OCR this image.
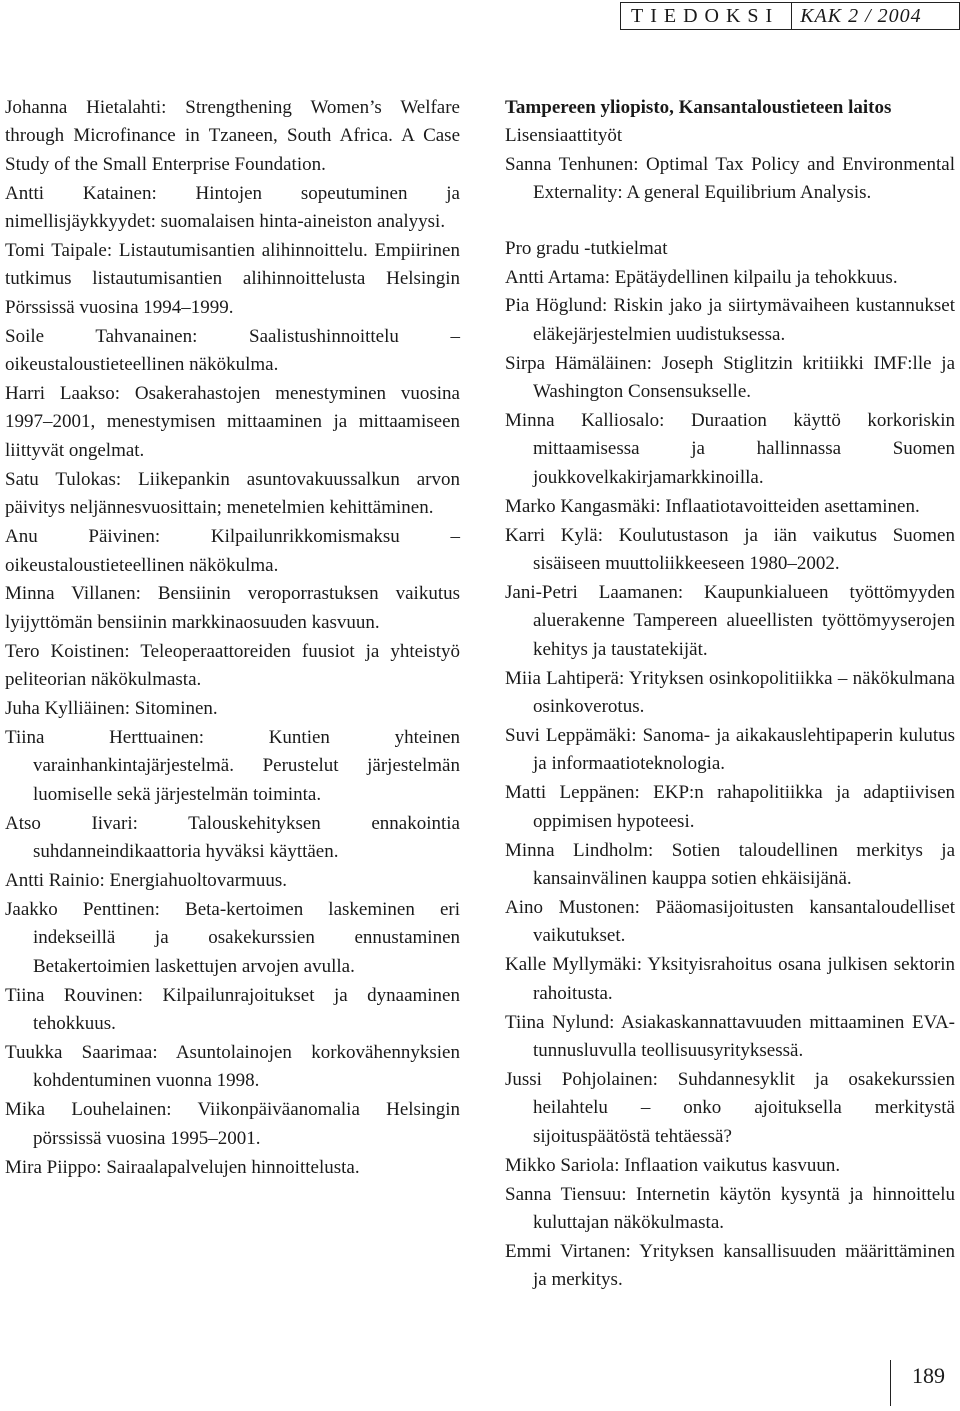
TIEDOKSI KAK 2 / 2004

Johanna Hietalahti: Strengthening Women’s Welfare through Microfinance in Tzaneen, South Africa. A Case Study of the Small Enterprise Foundation.

Antti Katainen: Hintojen sopeutuminen ja nimellisjäykkyydet: suomalaisen hinta-aineiston analyysi.

Tomi Taipale: Listautumisantien alihinnoittelu. Empiirinen tutkimus listautumisantien alihinnoittelusta Helsingin Pörssissä vuosina 1994–1999.

Soile Tahvanainen: Saalistushinnoittelu – oikeustaloustieteellinen näkökulma.

Harri Laakso: Osakerahastojen menestyminen vuosina 1997–2001, menestymisen mittaaminen ja mittaamiseen liittyvät ongelmat.

Satu Tulokas: Liikepankin asuntovakuussalkun arvon päivitys neljännesvuosittain; menetelmien kehittäminen.

Anu Päivinen: Kilpailunrikkomismaksu – oikeustaloustieteellinen näkökulma.

Minna Villanen: Bensiinin veroporrastuksen vaikutus lyijyttömän bensiinin markkinaosuuden kasvuun.

Tero Koistinen: Teleoperaattoreiden fuusiot ja yhteistyö peliteorian näkökulmasta.

Juha Kylliäinen: Sitominen.

Tiina Herttuainen: Kuntien yhteinen varainhankintajärjestelmä. Perustelut järjestelmän luomiselle sekä järjestelmän toiminta.

Atso Iivari: Talouskehityksen ennakointia suhdanneindikaattoria hyväksi käyttäen.

Antti Rainio: Energiahuoltovarmuus.

Jaakko Penttinen: Beta-kertoimen laskeminen eri indekseillä ja osakekurssien ennustaminen Betakertoimien laskettujen arvojen avulla.

Tiina Rouvinen: Kilpailunrajoitukset ja dynaaminen tehokkuus.

Tuukka Saarimaa: Asuntolainojen korkovähennyksien kohdentuminen vuonna 1998.

Mika Louhelainen: Viikonpäiväanomalia Helsingin pörssissä vuosina 1995–2001.

Mira Piippo: Sairaalapalvelujen hinnoittelusta.

Tampereen yliopisto, Kansantaloustieteen laitos
Lisensiaattityöt

Sanna Tenhunen: Optimal Tax Policy and Environmental Externality: A general Equilibrium Analysis.

Pro gradu -tutkielmat

Antti Artama: Epätäydellinen kilpailu ja tehokkuus.

Pia Höglund: Riskin jako ja siirtymävaiheen kustannukset eläkejärjestelmien uudistuksessa.

Sirpa Hämäläinen: Joseph Stiglitzin kritiikki IMF:lle ja Washington Consensukselle.

Minna Kalliosalo: Duraation käyttö korkoriskin mittaamisessa ja hallinnassa Suomen joukkovelkakirjamarkkinoilla.

Marko Kangasmäki: Inflaatiotavoitteiden asettaminen.

Karri Kylä: Koulutustason ja iän vaikutus Suomen sisäiseen muuttoliikkeeseen 1980–2002.

Jani-Petri Laamanen: Kaupunkialueen työttömyyden aluerakenne Tampereen alueellisten työttömyyserojen kehitys ja taustatekijät.

Miia Lahtiperä: Yrityksen osinkopolitiikka – näkökulmana osinkoverotus.

Suvi Leppämäki: Sanoma- ja aikakauslehtipaperin kulutus ja informaatioteknologia.

Matti Leppänen: EKP:n rahapolitiikka ja adaptiivisen oppimisen hypoteesi.

Minna Lindholm: Sotien taloudellinen merkitys ja kansainvälinen kauppa sotien ehkäisijänä.

Aino Mustonen: Pääomasijoitusten kansantaloudelliset vaikutukset.

Kalle Myllymäki: Yksityisrahoitus osana julkisen sektorin rahoitusta.

Tiina Nylund: Asiakaskannattavuuden mittaaminen EVA-tunnusluvulla teollisuusyrityksessä.

Jussi Pohjolainen: Suhdannesyklit ja osakekurssien heilahtelu – onko ajoituksella merkitystä sijoituspäätöstä tehtäessä?

Mikko Sariola: Inflaation vaikutus kasvuun.

Sanna Tiensuu: Internetin käytön kysyntä ja hinnoittelu kuluttajan näkökulmasta.

Emmi Virtanen: Yrityksen kansallisuuden määrittäminen ja merkitys.

189
